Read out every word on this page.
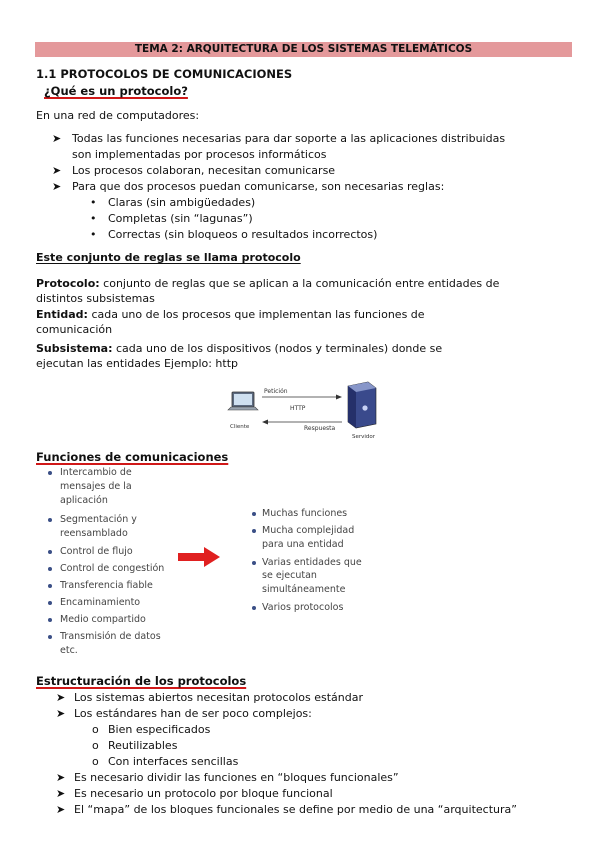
TEMA 2: ARQUITECTURA DE LOS SISTEMAS TELEMÁTICOS
1.1 PROTOCOLOS DE COMUNICACIONES
¿Qué es un protocolo?
En una red de computadores:
➤ Todas las funciones necesarias para dar soporte a las aplicaciones distribuidas
son implementadas por procesos informáticos
➤ Los procesos colaboran, necesitan comunicarse
➤ Para que dos procesos puedan comunicarse, son necesarias reglas:
• Claras (sin ambigüedades)
• Completas (sin “lagunas”)
• Correctas (sin bloqueos o resultados incorrectos)
Este conjunto de reglas se llama protocolo
Protocolo: conjunto de reglas que se aplican a la comunicación entre entidades de
distintos subsistemas
Entidad: cada uno de los procesos que implementan las funciones de
comunicación
Subsistema: cada uno de los dispositivos (nodos y terminales) donde se
ejecutan las entidades Ejemplo: http
Petición
HTTP
Respuesta
Cliente
Servidor
Funciones de comunicaciones
Intercambio de
mensajes de la
aplicación
Segmentación y
reensamblado
Control de flujo
Control de congestión
Transferencia fiable
Encaminamiento
Medio compartido
Transmisión de datos
etc.
Muchas funciones
Mucha complejidad
para una entidad
Varias entidades que
se ejecutan
simultáneamente
Varios protocolos
Estructuración de los protocolos
➤ Los sistemas abiertos necesitan protocolos estándar
➤ Los estándares han de ser poco complejos:
o Bien especificados
o Reutilizables
o Con interfaces sencillas
➤ Es necesario dividir las funciones en “bloques funcionales”
➤ Es necesario un protocolo por bloque funcional
➤ El “mapa” de los bloques funcionales se define por medio de una “arquitectura”
